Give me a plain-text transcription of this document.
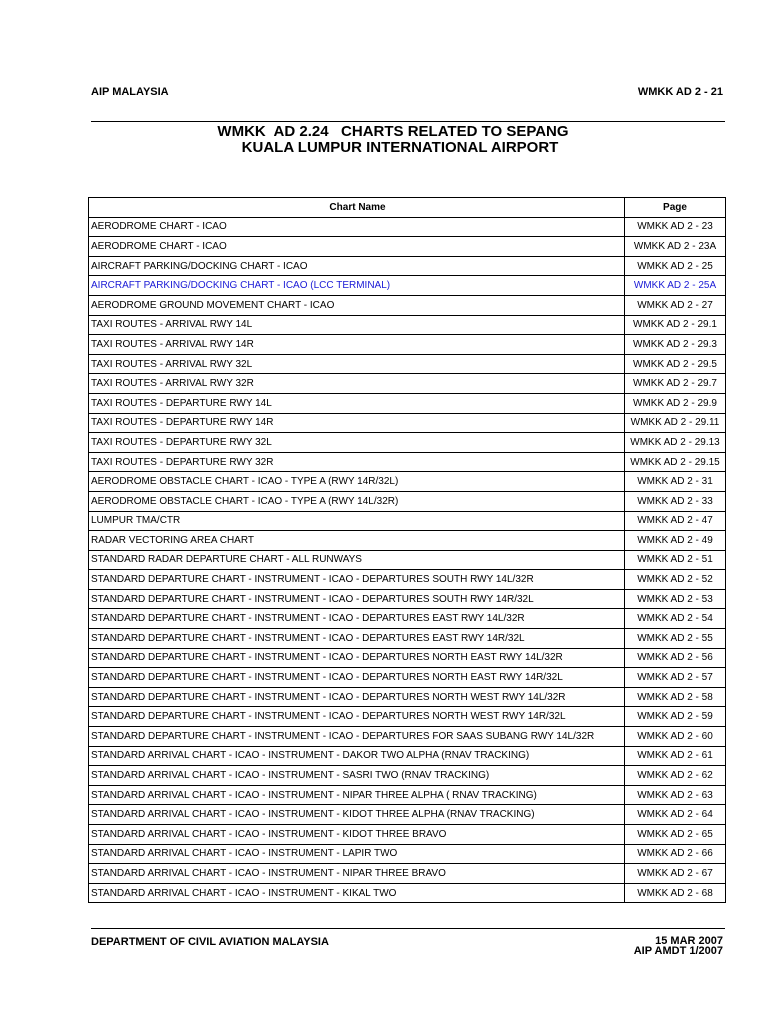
AIP MALAYSIA	WMKK AD 2 - 21
WMKK  AD 2.24   CHARTS RELATED TO SEPANG
KUALA LUMPUR INTERNATIONAL AIRPORT
Chart Name	Page
AERODROME CHART - ICAO	WMKK AD 2 - 23
AERODROME CHART - ICAO	WMKK AD 2 - 23A
AIRCRAFT PARKING/DOCKING CHART - ICAO	WMKK AD 2 - 25
AIRCRAFT PARKING/DOCKING CHART - ICAO (LCC TERMINAL)	WMKK AD 2 - 25A
AERODROME GROUND MOVEMENT CHART - ICAO	WMKK AD 2 - 27
TAXI ROUTES - ARRIVAL RWY 14L	WMKK AD 2 - 29.1
TAXI ROUTES - ARRIVAL RWY 14R	WMKK AD 2 - 29.3
TAXI ROUTES - ARRIVAL RWY 32L	WMKK AD 2 - 29.5
TAXI ROUTES - ARRIVAL RWY 32R	WMKK AD 2 - 29.7
TAXI ROUTES - DEPARTURE RWY 14L	WMKK AD 2 - 29.9
TAXI ROUTES - DEPARTURE RWY 14R	WMKK AD 2 - 29.11
TAXI ROUTES - DEPARTURE RWY 32L	WMKK AD 2 - 29.13
TAXI ROUTES - DEPARTURE RWY 32R	WMKK AD 2 - 29.15
AERODROME OBSTACLE CHART - ICAO - TYPE A (RWY 14R/32L)	WMKK AD 2 - 31
AERODROME OBSTACLE CHART - ICAO - TYPE A (RWY 14L/32R)	WMKK AD 2 - 33
LUMPUR TMA/CTR	WMKK AD 2 - 47
RADAR VECTORING AREA CHART	WMKK AD 2 - 49
STANDARD RADAR DEPARTURE CHART - ALL RUNWAYS	WMKK AD 2 - 51
STANDARD DEPARTURE CHART - INSTRUMENT - ICAO - DEPARTURES SOUTH RWY 14L/32R	WMKK AD 2 - 52
STANDARD DEPARTURE CHART - INSTRUMENT - ICAO - DEPARTURES SOUTH RWY 14R/32L	WMKK AD 2 - 53
STANDARD DEPARTURE CHART - INSTRUMENT - ICAO - DEPARTURES EAST RWY 14L/32R	WMKK AD 2 - 54
STANDARD DEPARTURE CHART - INSTRUMENT - ICAO - DEPARTURES EAST RWY 14R/32L	WMKK AD 2 - 55
STANDARD DEPARTURE CHART - INSTRUMENT - ICAO - DEPARTURES NORTH EAST RWY 14L/32R	WMKK AD 2 - 56
STANDARD DEPARTURE CHART - INSTRUMENT - ICAO - DEPARTURES NORTH EAST RWY 14R/32L	WMKK AD 2 - 57
STANDARD DEPARTURE CHART - INSTRUMENT - ICAO - DEPARTURES NORTH WEST RWY 14L/32R	WMKK AD 2 - 58
STANDARD DEPARTURE CHART - INSTRUMENT - ICAO - DEPARTURES NORTH WEST RWY 14R/32L	WMKK AD 2 - 59
STANDARD DEPARTURE CHART - INSTRUMENT - ICAO - DEPARTURES FOR SAAS SUBANG RWY 14L/32R	WMKK AD 2 - 60
STANDARD ARRIVAL CHART - ICAO - INSTRUMENT - DAKOR TWO ALPHA (RNAV TRACKING)	WMKK AD 2 - 61
STANDARD ARRIVAL CHART - ICAO - INSTRUMENT - SASRI TWO (RNAV TRACKING)	WMKK AD 2 - 62
STANDARD ARRIVAL CHART - ICAO - INSTRUMENT - NIPAR THREE ALPHA ( RNAV TRACKING)	WMKK AD 2 - 63
STANDARD ARRIVAL CHART - ICAO - INSTRUMENT - KIDOT THREE ALPHA (RNAV TRACKING)	WMKK AD 2 - 64
STANDARD ARRIVAL CHART - ICAO - INSTRUMENT - KIDOT THREE BRAVO	WMKK AD 2 - 65
STANDARD ARRIVAL CHART - ICAO - INSTRUMENT - LAPIR TWO	WMKK AD 2 - 66
STANDARD ARRIVAL CHART - ICAO - INSTRUMENT - NIPAR THREE BRAVO	WMKK AD 2 - 67
STANDARD ARRIVAL CHART - ICAO - INSTRUMENT - KIKAL TWO	WMKK AD 2 - 68
DEPARTMENT OF CIVIL AVIATION MALAYSIA	15 MAR 2007
AIP AMDT 1/2007
